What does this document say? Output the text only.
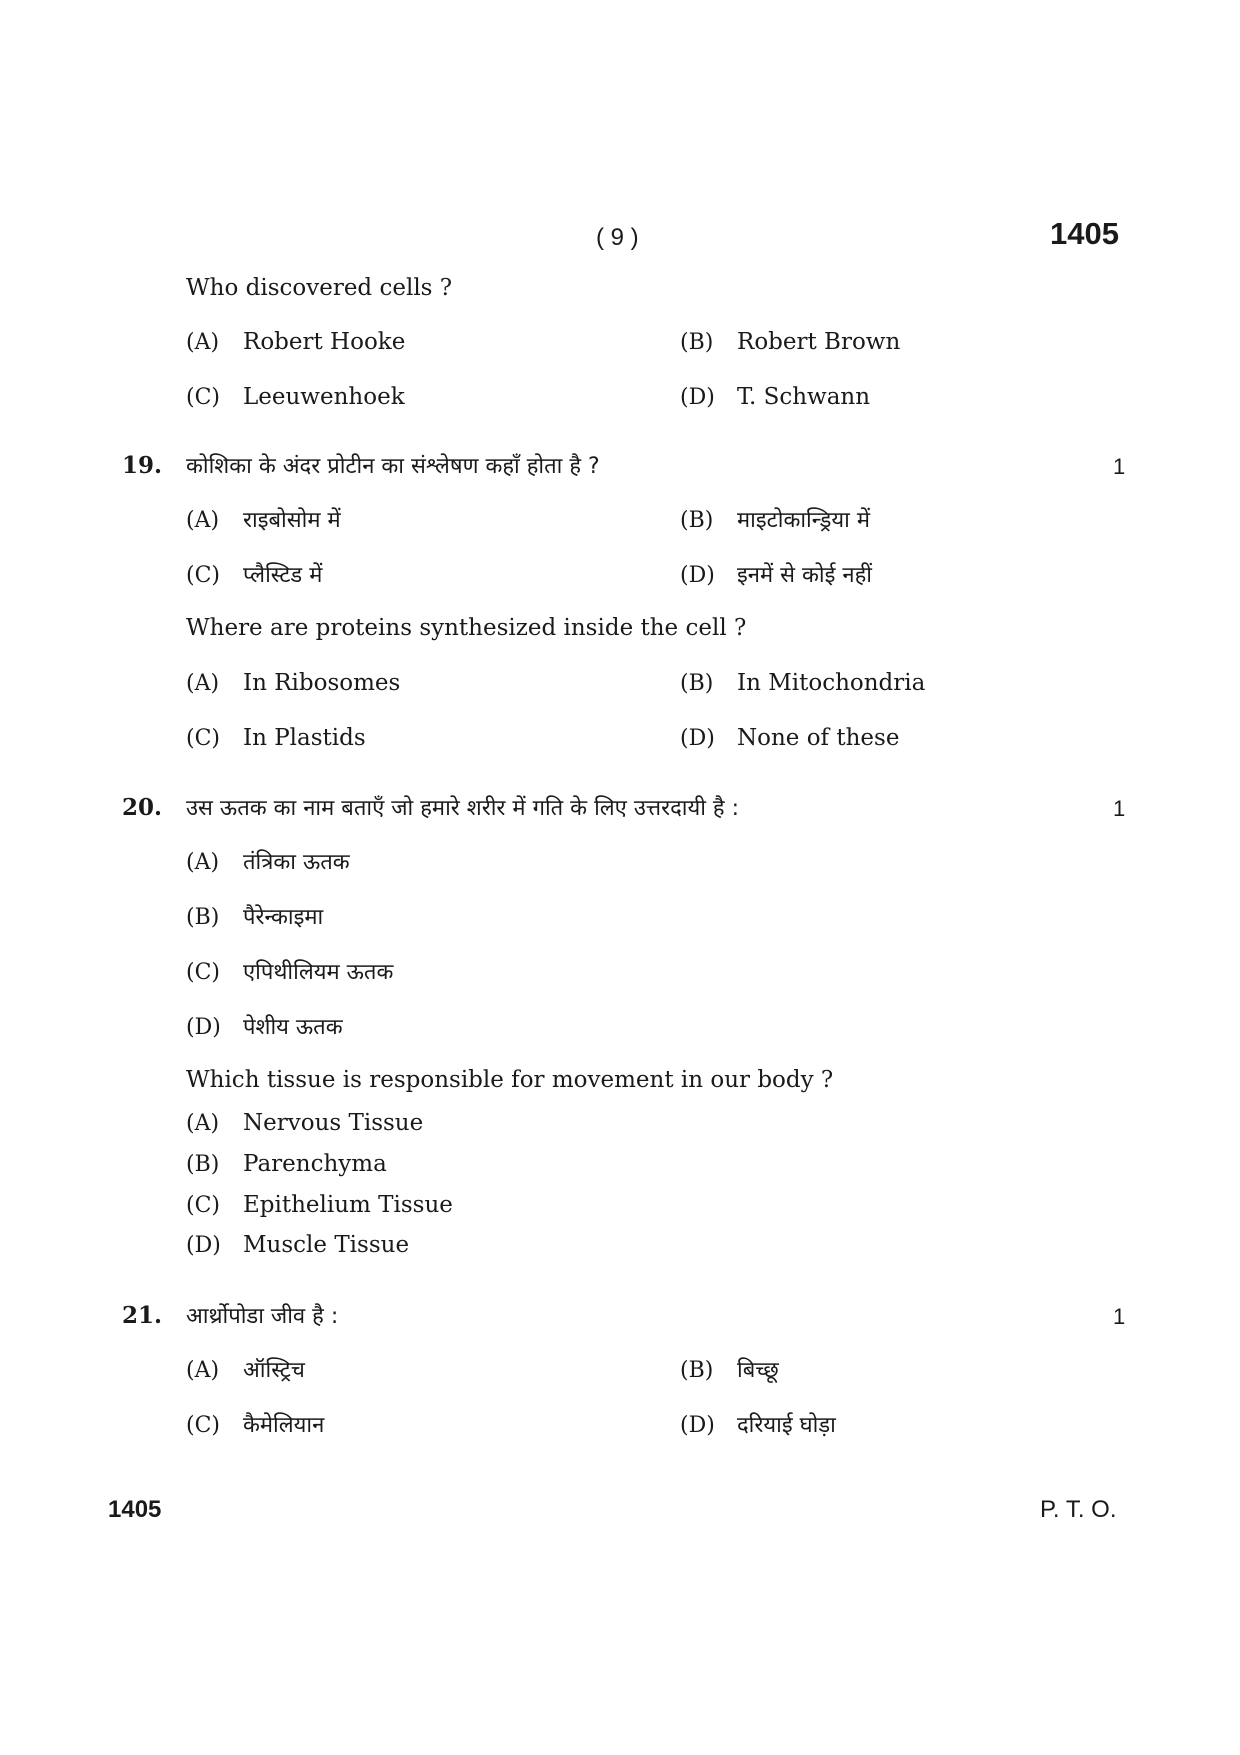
( 9 )	1405
Who discovered cells ?
(A) Robert Hooke	(B) Robert Brown
(C) Leeuwenhoek	(D) T. Schwann
19. कोशिका के अंदर प्रोटीन का संश्लेषण कहाँ होता है ?	1
(A) राइबोसोम में	(B) माइटोकान्ड्रिया में
(C) प्लैस्टिड में	(D) इनमें से कोई नहीं
Where are proteins synthesized inside the cell ?
(A) In Ribosomes	(B) In Mitochondria
(C) In Plastids	(D) None of these
20. उस ऊतक का नाम बताएँ जो हमारे शरीर में गति के लिए उत्तरदायी है :	1
(A) तंत्रिका ऊतक
(B) पैरेन्काइमा
(C) एपिथीलियम ऊतक
(D) पेशीय ऊतक
Which tissue is responsible for movement in our body ?
(A) Nervous Tissue
(B) Parenchyma
(C) Epithelium Tissue
(D) Muscle Tissue
21. आर्थ्रोपोडा जीव है :	1
(A) ऑस्ट्रिच	(B) बिच्छू
(C) कैमेलियान	(D) दरियाई घोड़ा
1405	P. T. O.
